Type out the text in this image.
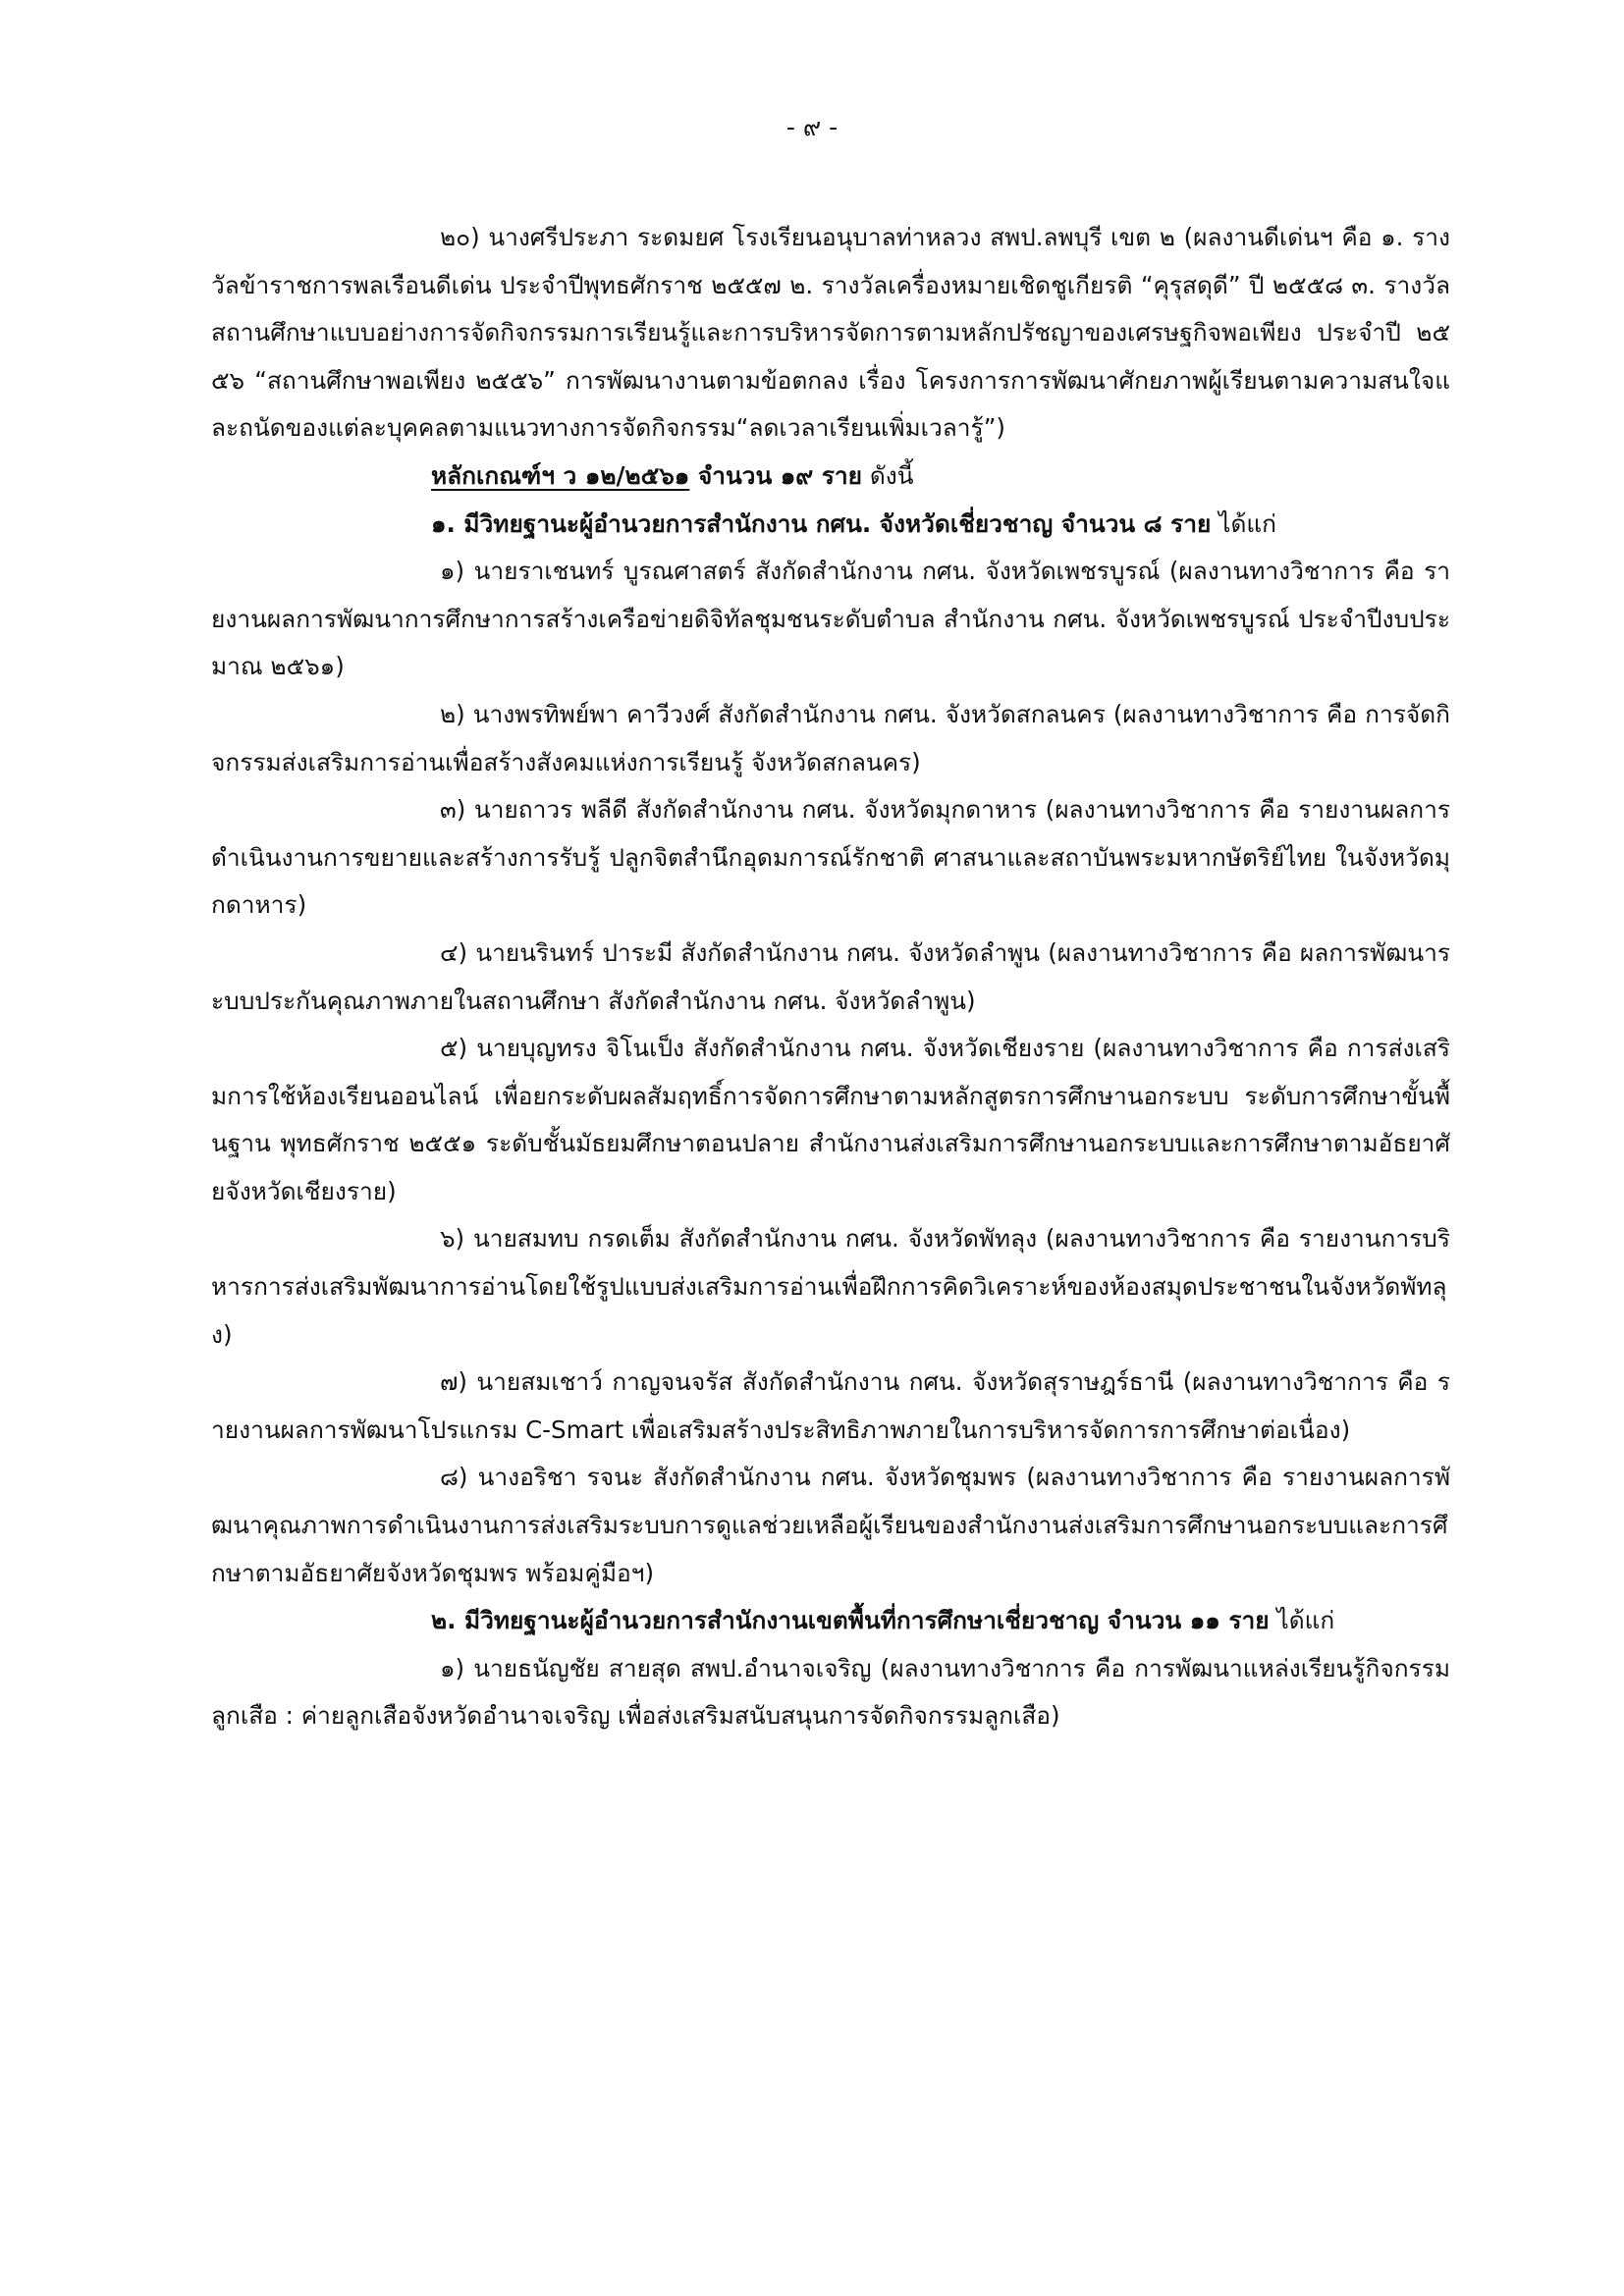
- ๙ -

๒๐) นางศรีประภา ระดมยศ โรงเรียนอนุบาลท่าหลวง สพป.ลพบุรี เขต ๒ (ผลงานดีเด่นฯ คือ ๑. รางวัลข้าราชการพลเรือนดีเด่น ประจำปีพุทธศักราช ๒๕๕๗ ๒. รางวัลเครื่องหมายเชิดชูเกียรติ “คุรุสดุดี” ปี ๒๕๕๘ ๓. รางวัลสถานศึกษาแบบอย่างการจัดกิจกรรมการเรียนรู้และการบริหารจัดการตามหลักปรัชญาของเศรษฐกิจพอเพียง ประจำปี ๒๕๕๖ “สถานศึกษาพอเพียง ๒๕๕๖” การพัฒนางานตามข้อตกลง เรื่อง โครงการการพัฒนาศักยภาพผู้เรียนตามความสนใจและถนัดของแต่ละบุคคลตามแนวทางการจัดกิจกรรม“ลดเวลาเรียนเพิ่มเวลารู้”)

หลักเกณฑ์ฯ ว ๑๒/๒๕๖๑ จำนวน ๑๙ ราย ดังนี้

๑. มีวิทยฐานะผู้อำนวยการสำนักงาน กศน. จังหวัดเชี่ยวชาญ จำนวน ๘ ราย ได้แก่

๑) นายราเชนทร์ บูรณศาสตร์ สังกัดสำนักงาน กศน. จังหวัดเพชรบูรณ์ (ผลงานทางวิชาการ คือ รายงานผลการพัฒนาการศึกษาการสร้างเครือข่ายดิจิทัลชุมชนระดับตำบล สำนักงาน กศน. จังหวัดเพชรบูรณ์ ประจำปีงบประมาณ ๒๕๖๑)

๒) นางพรทิพย์พา คาวีวงศ์ สังกัดสำนักงาน กศน. จังหวัดสกลนคร (ผลงานทางวิชาการ คือ การจัดกิจกรรมส่งเสริมการอ่านเพื่อสร้างสังคมแห่งการเรียนรู้ จังหวัดสกลนคร)

๓) นายถาวร พลีดี สังกัดสำนักงาน กศน. จังหวัดมุกดาหาร (ผลงานทางวิชาการ คือ รายงานผลการดำเนินงานการขยายและสร้างการรับรู้ ปลูกจิตสำนึกอุดมการณ์รักชาติ ศาสนาและสถาบันพระมหากษัตริย์ไทย ในจังหวัดมุกดาหาร)

๔) นายนรินทร์ ปาระมี สังกัดสำนักงาน กศน. จังหวัดลำพูน (ผลงานทางวิชาการ คือ ผลการพัฒนาระบบประกันคุณภาพภายในสถานศึกษา สังกัดสำนักงาน กศน. จังหวัดลำพูน)

๕) นายบุญทรง จิโนเป็ง สังกัดสำนักงาน กศน. จังหวัดเชียงราย (ผลงานทางวิชาการ คือ การส่งเสริมการใช้ห้องเรียนออนไลน์ เพื่อยกระดับผลสัมฤทธิ์การจัดการศึกษาตามหลักสูตรการศึกษานอกระบบ ระดับการศึกษาขั้นพื้นฐาน พุทธศักราช ๒๕๕๑ ระดับชั้นมัธยมศึกษาตอนปลาย สำนักงานส่งเสริมการศึกษานอกระบบและการศึกษาตามอัธยาศัยจังหวัดเชียงราย)

๖) นายสมทบ กรดเต็ม สังกัดสำนักงาน กศน. จังหวัดพัทลุง (ผลงานทางวิชาการ คือ รายงานการบริหารการส่งเสริมพัฒนาการอ่านโดยใช้รูปแบบส่งเสริมการอ่านเพื่อฝึกการคิดวิเคราะห์ของห้องสมุดประชาชนในจังหวัดพัทลุง)

๗) นายสมเชาว์ กาญจนจรัส สังกัดสำนักงาน กศน. จังหวัดสุราษฎร์ธานี (ผลงานทางวิชาการ คือ รายงานผลการพัฒนาโปรแกรม C-Smart เพื่อเสริมสร้างประสิทธิภาพภายในการบริหารจัดการการศึกษาต่อเนื่อง)

๘) นางอริชา รจนะ สังกัดสำนักงาน กศน. จังหวัดชุมพร (ผลงานทางวิชาการ คือ รายงานผลการพัฒนาคุณภาพการดำเนินงานการส่งเสริมระบบการดูแลช่วยเหลือผู้เรียนของสำนักงานส่งเสริมการศึกษานอกระบบและการศึกษาตามอัธยาศัยจังหวัดชุมพร พร้อมคู่มือฯ)

๒. มีวิทยฐานะผู้อำนวยการสำนักงานเขตพื้นที่การศึกษาเชี่ยวชาญ จำนวน ๑๑ ราย ได้แก่

๑) นายธนัญชัย สายสุด สพป.อำนาจเจริญ (ผลงานทางวิชาการ คือ การพัฒนาแหล่งเรียนรู้กิจกรรมลูกเสือ : ค่ายลูกเสือจังหวัดอำนาจเจริญ เพื่อส่งเสริมสนับสนุนการจัดกิจกรรมลูกเสือ)
